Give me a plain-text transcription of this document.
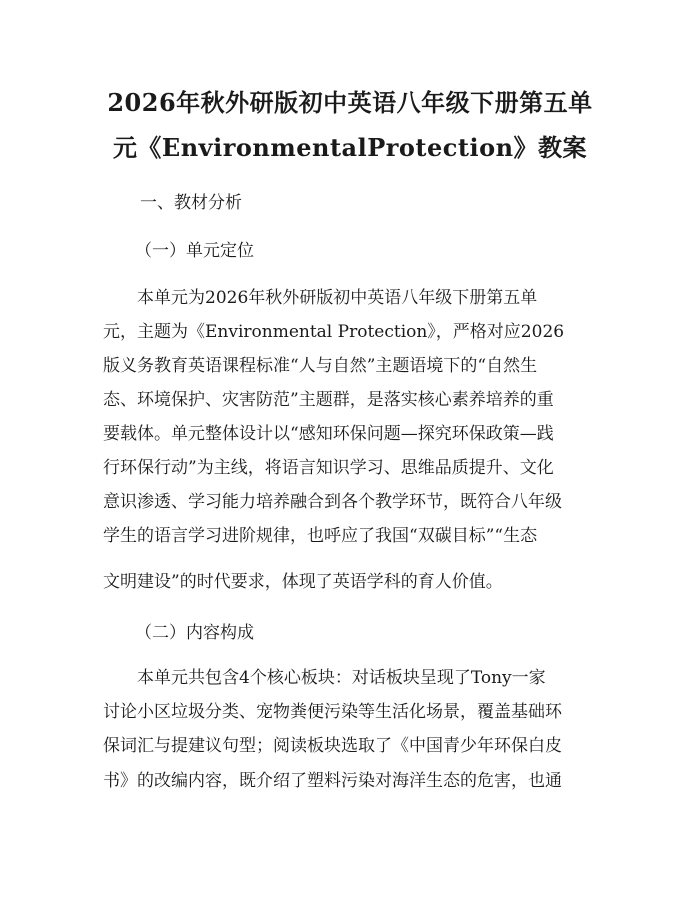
2026年秋外研版初中英语八年级下册第五单
元《EnvironmentalProtection》教案
一、教材分析
（一）单元定位
本单元为2026年秋外研版初中英语八年级下册第五单
元，主题为《Environmental Protection》，严格对应2026
版义务教育英语课程标准“人与自然”主题语境下的“自然生
态、环境保护、灾害防范”主题群，是落实核心素养培养的重
要载体。单元整体设计以“感知环保问题—探究环保政策—践
行环保行动”为主线，将语言知识学习、思维品质提升、文化
意识渗透、学习能力培养融合到各个教学环节，既符合八年级
学生的语言学习进阶规律，也呼应了我国“双碳目标”“生态
文明建设”的时代要求，体现了英语学科的育人价值。
（二）内容构成
本单元共包含4个核心板块：对话板块呈现了Tony一家
讨论小区垃圾分类、宠物粪便污染等生活化场景，覆盖基础环
保词汇与提建议句型；阅读板块选取了《中国青少年环保白皮
书》的改编内容，既介绍了塑料污染对海洋生态的危害，也通
